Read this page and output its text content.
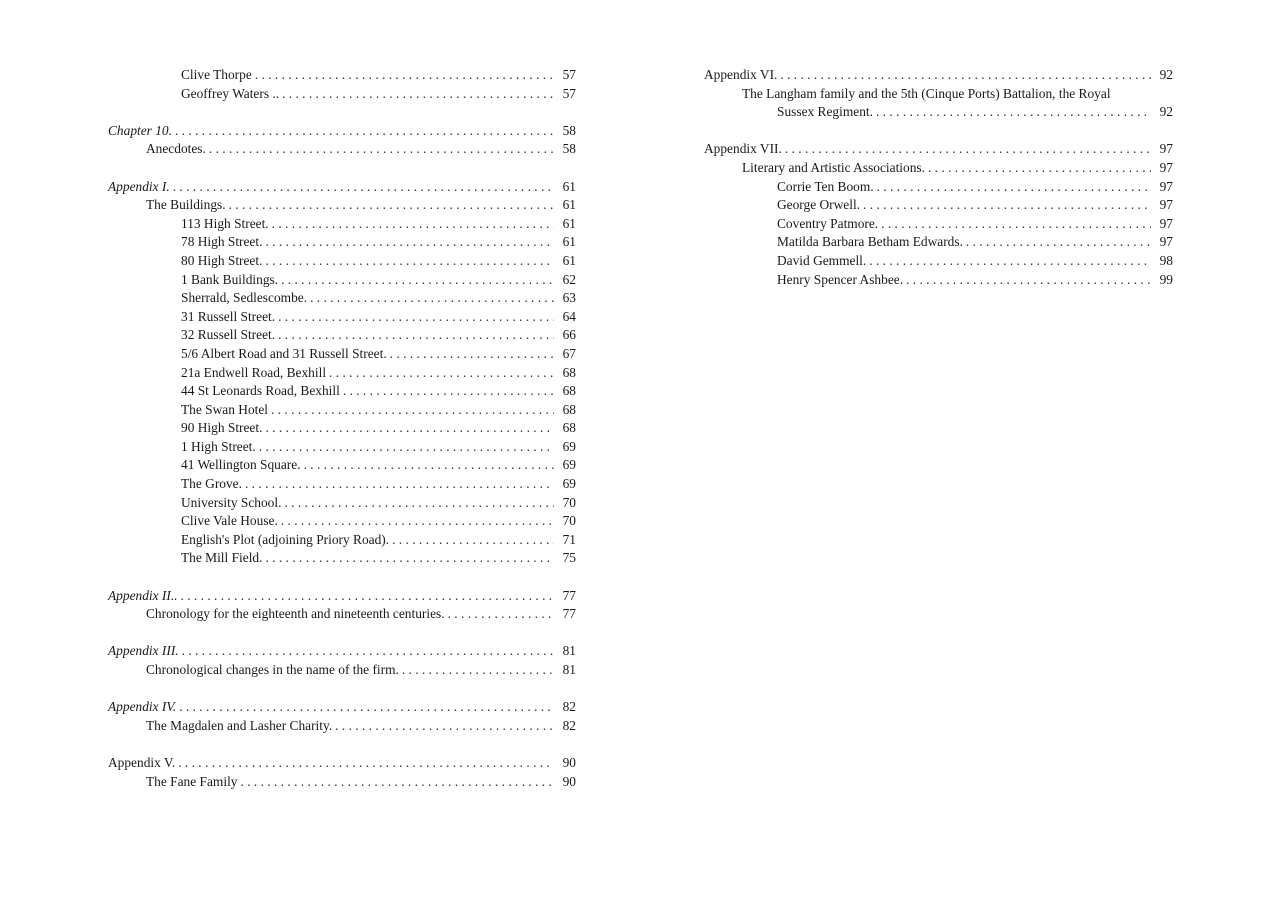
Clive Thorpe . . .	57
Geoffrey Waters .. . . .	57
Chapter 10. . . .	58
Anecdotes. . . .	58
Appendix I. . . .	61
The Buildings. . . .	61
113 High Street. . . .	61
78 High Street. . . .	61
80 High Street. . . .	61
1 Bank Buildings. . . .	62
Sherrald, Sedlescombe. . . .	63
31 Russell Street. . . .	64
32 Russell Street. . . .	66
5/6 Albert Road and 31 Russell Street. . . .	67
21a Endwell Road, Bexhill . . .	68
44 St Leonards Road, Bexhill . . .	68
The Swan Hotel . . .	68
90 High Street. . . .	68
1 High Street. . . .	69
41 Wellington Square. . . .	69
The Grove. . . .	69
University School. . . .	70
Clive Vale House. . . .	70
English's Plot (adjoining Priory Road). . . .	71
The Mill Field. . . .	75
Appendix II.. . . .	77
Chronology for the eighteenth and nineteenth centuries. . . .	77
Appendix III. . . .	81
Chronological changes in the name of the firm. . . .	81
Appendix IV. . . .	82
The Magdalen and Lasher Charity. . . .	82
Appendix V. . . .	90
The Fane Family . . .	90
Appendix VI. . . .	92
The Langham family and the 5th (Cinque Ports) Battalion, the Royal
Sussex Regiment. . . .	92
Appendix VII. . . .	97
Literary and Artistic Associations. . . .	97
Corrie Ten Boom. . . .	97
George Orwell. . . .	97
Coventry Patmore. . . .	97
Matilda Barbara Betham Edwards. . . .	97
David Gemmell. . . .	98
Henry Spencer Ashbee. . . .	99
